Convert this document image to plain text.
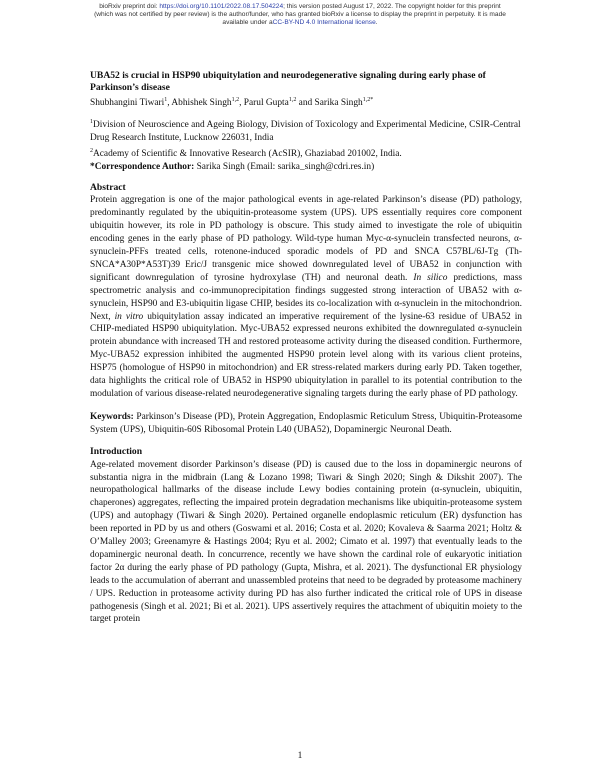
bioRxiv preprint doi: https://doi.org/10.1101/2022.08.17.504224; this version posted August 17, 2022. The copyright holder for this preprint
(which was not certified by peer review) is the author/funder, who has granted bioRxiv a license to display the preprint in perpetuity. It is made
available under aCC-BY-ND 4.0 International license.

UBA52 is crucial in HSP90 ubiquitylation and neurodegenerative signaling during early phase of Parkinson’s disease

Shubhangini Tiwari$^1$, Abhishek Singh$^{1,2}$, Parul Gupta$^{1,2}$ and Sarika Singh$^{1,2*}$

$^1$Division of Neuroscience and Ageing Biology, Division of Toxicology and Experimental Medicine, CSIR-Central Drug Research Institute, Lucknow 226031, India

$^2$Academy of Scientific & Innovative Research (AcSIR), Ghaziabad 201002, India.

*Correspondence Author: Sarika Singh (Email: sarika_singh@cdri.res.in)

Abstract

Protein aggregation is one of the major pathological events in age-related Parkinson’s disease (PD) pathology, predominantly regulated by the ubiquitin-proteasome system (UPS). UPS essentially requires core component ubiquitin however, its role in PD pathology is obscure. This study aimed to investigate the role of ubiquitin encoding genes in the early phase of PD pathology. Wild-type human Myc-α-synuclein transfected neurons, α-synuclein-PFFs treated cells, rotenone-induced sporadic models of PD and SNCA C57BL/6J-Tg (Th-SNCA*A30P*A53T)39 Eric/J transgenic mice showed downregulated level of UBA52 in conjunction with significant downregulation of tyrosine hydroxylase (TH) and neuronal death. In silico predictions, mass spectrometric analysis and co-immunoprecipitation findings suggested strong interaction of UBA52 with α-synuclein, HSP90 and E3-ubiquitin ligase CHIP, besides its co-localization with α-synuclein in the mitochondrion. Next, in vitro ubiquitylation assay indicated an imperative requirement of the lysine-63 residue of UBA52 in CHIP-mediated HSP90 ubiquitylation. Myc-UBA52 expressed neurons exhibited the downregulated α-synuclein protein abundance with increased TH and restored proteasome activity during the diseased condition. Furthermore, Myc-UBA52 expression inhibited the augmented HSP90 protein level along with its various client proteins, HSP75 (homologue of HSP90 in mitochondrion) and ER stress-related markers during early PD. Taken together, data highlights the critical role of UBA52 in HSP90 ubiquitylation in parallel to its potential contribution to the modulation of various disease-related neurodegenerative signaling targets during the early phase of PD pathology.

Keywords: Parkinson’s Disease (PD), Protein Aggregation, Endoplasmic Reticulum Stress, Ubiquitin-Proteasome System (UPS), Ubiquitin-60S Ribosomal Protein L40 (UBA52), Dopaminergic Neuronal Death.

Introduction

Age-related movement disorder Parkinson’s disease (PD) is caused due to the loss in dopaminergic neurons of substantia nigra in the midbrain (Lang & Lozano 1998; Tiwari & Singh 2020; Singh & Dikshit 2007). The neuropathological hallmarks of the disease include Lewy bodies containing protein (α-synuclein, ubiquitin, chaperones) aggregates, reflecting the impaired protein degradation mechanisms like ubiquitin-proteasome system (UPS) and autophagy (Tiwari & Singh 2020). Pertained organelle endoplasmic reticulum (ER) dysfunction has been reported in PD by us and others (Goswami et al. 2016; Costa et al. 2020; Kovaleva & Saarma 2021; Holtz & O’Malley 2003; Greenamyre & Hastings 2004; Ryu et al. 2002; Cimato et al. 1997) that eventually leads to the dopaminergic neuronal death. In concurrence, recently we have shown the cardinal role of eukaryotic initiation factor 2α during the early phase of PD pathology (Gupta, Mishra, et al. 2021). The dysfunctional ER physiology leads to the accumulation of aberrant and unassembled proteins that need to be degraded by proteasome machinery / UPS. Reduction in proteasome activity during PD has also further indicated the critical role of UPS in disease pathogenesis (Singh et al. 2021; Bi et al. 2021). UPS assertively requires the attachment of ubiquitin moiety to the target protein

1
